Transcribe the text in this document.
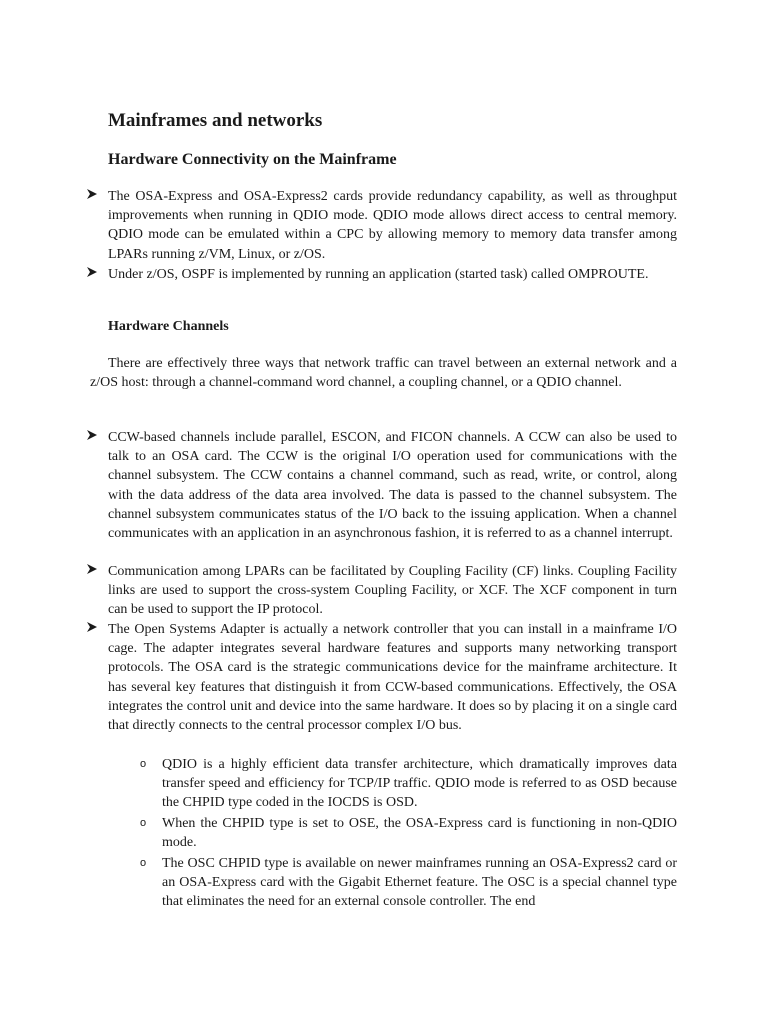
Mainframes and networks
Hardware Connectivity on the Mainframe

The OSA-Express and OSA-Express2 cards provide redundancy capability, as well as throughput improvements when running in QDIO mode. QDIO mode allows direct access to central memory. QDIO mode can be emulated within a CPC by allowing memory to memory data transfer among LPARs running z/VM, Linux, or z/OS.

Under z/OS, OSPF is implemented by running an application (started task) called OMPROUTE.

Hardware Channels

There are effectively three ways that network traffic can travel between an external network and a z/OS host: through a channel-command word channel, a coupling channel, or a QDIO channel.

CCW-based channels include parallel, ESCON, and FICON channels. A CCW can also be used to talk to an OSA card. The CCW is the original I/O operation used for communications with the channel subsystem. The CCW contains a channel command, such as read, write, or control, along with the data address of the data area involved. The data is passed to the channel subsystem. The channel subsystem communicates status of the I/O back to the issuing application. When a channel communicates with an application in an asynchronous fashion, it is referred to as a channel interrupt.

Communication among LPARs can be facilitated by Coupling Facility (CF) links. Coupling Facility links are used to support the cross-system Coupling Facility, or XCF. The XCF component in turn can be used to support the IP protocol.

The Open Systems Adapter is actually a network controller that you can install in a mainframe I/O cage. The adapter integrates several hardware features and supports many networking transport protocols. The OSA card is the strategic communications device for the mainframe architecture. It has several key features that distinguish it from CCW-based communications. Effectively, the OSA integrates the control unit and device into the same hardware. It does so by placing it on a single card that directly connects to the central processor complex I/O bus.

o QDIO is a highly efficient data transfer architecture, which dramatically improves data transfer speed and efficiency for TCP/IP traffic. QDIO mode is referred to as OSD because the CHPID type coded in the IOCDS is OSD.

o When the CHPID type is set to OSE, the OSA-Express card is functioning in non-QDIO mode.

o The OSC CHPID type is available on newer mainframes running an OSA-Express2 card or an OSA-Express card with the Gigabit Ethernet feature. The OSC is a special channel type that eliminates the need for an external console controller. The end
